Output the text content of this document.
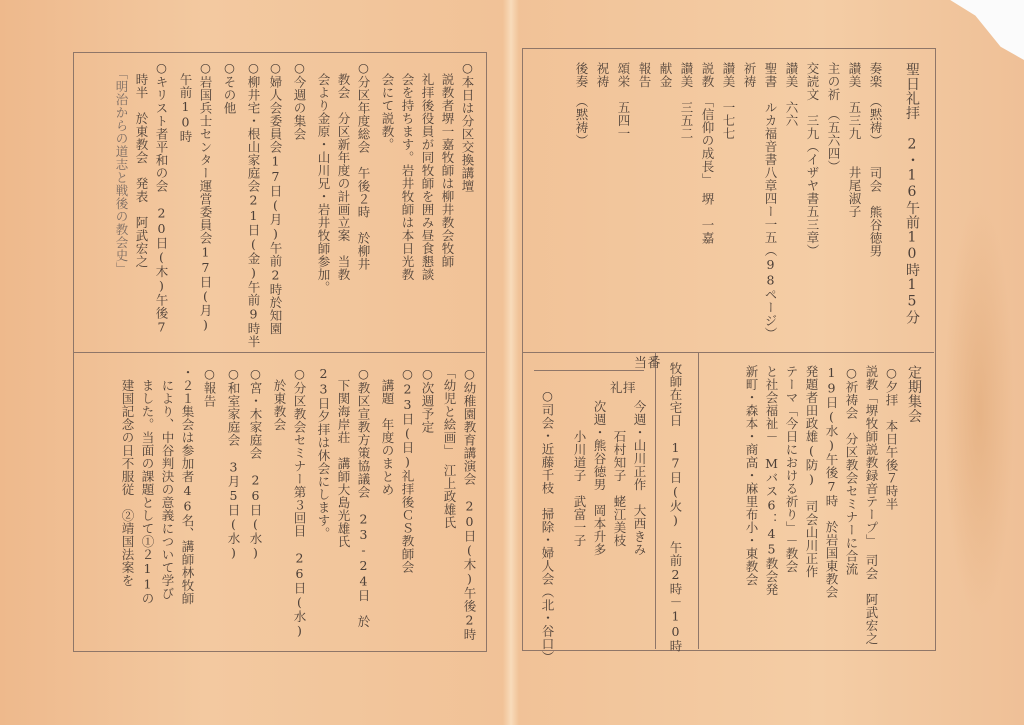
聖日礼拝 2・16午前10時15分
奏楽　（黙祷）　　司会　熊谷徳男
讃美　五三九　　井尾淑子
主の祈　（五六四）
交読文　三九（イザヤ書五三章）
讃美　六六
聖書　ルカ福音書八章四ー一五（98ページ）
祈祷　
讃美　一七七
説教　「信仰の成長」　堺　一嘉
讃美　三五二
献金　
報告　
頌栄　五四一
祝祷　
後奏　（黙祷）
定期集会
○夕拝　本日午後７時半
説教「堺牧師説教録音テープ」　司会　阿武宏之
○祈祷会　分区教会セミナーに合流
19日(水)午後7時　於岩国東教会
発題者田政雄(防)　司会山川正作
テーマ「今日における祈り」－教会
と社会福祉－　Mバス6：45教会発
新町・森本・商高・麻里布小・東教会
牧師在宅日　17日(火)　午前2時－10時
当番
礼拝
今週・山川正作　大西きみ
石村知子　蛯江美枝
次週・熊谷徳男　岡本升多
小川道子　武富一子
○司会・近藤千枝　掃除・婦人会（北・谷口）
○本日は分区交換講壇
　説教者堺一嘉牧師は柳井教会牧師
　礼拝後役員が同牧師を囲み昼食懇談
　会を持ちます。岩井牧師は本日光教
　会にて説教。
○分区年度総会　午後２時　於柳井
　教会　分区新年度の計画立案　当教
　会より金原・山川兄・岩井牧師参加。
○今週の集会
○婦人会委員会17日(月)午前2時於知園
○柳井宅・根山家庭会21日(金)午前9時半
○その他
○岩国兵士センター運営委員会17日(月)
　午前10時
○キリスト者平和の会　20日(木)午後7
　時半　於東教会　発表　阿武宏之
　「明治からの道志と戦後の教会史」
○幼稚園教育講演会　20日(木)午後2時
「幼児と絵画」　江上政雄氏
○次週予定
○23日(日)礼拝後ＣＳ教師会
　講題　年度のまとめ
○教区宣教方策協議会　23-24日　於
　下関海岸荘　講師大島光雄氏
23日夕拝は休会にします。
○分区教会セミナー第３回目　26日(水)
　於東教会
○宮・木家庭会　26日(水)
○和室家庭会　3月5日(水)
○報告
・２１集会は参加者46名、講師林牧師
　により、中谷判決の意義について学び
　ました。当面の課題として①２11の
　建国記念の日不服従　②靖国法案を
